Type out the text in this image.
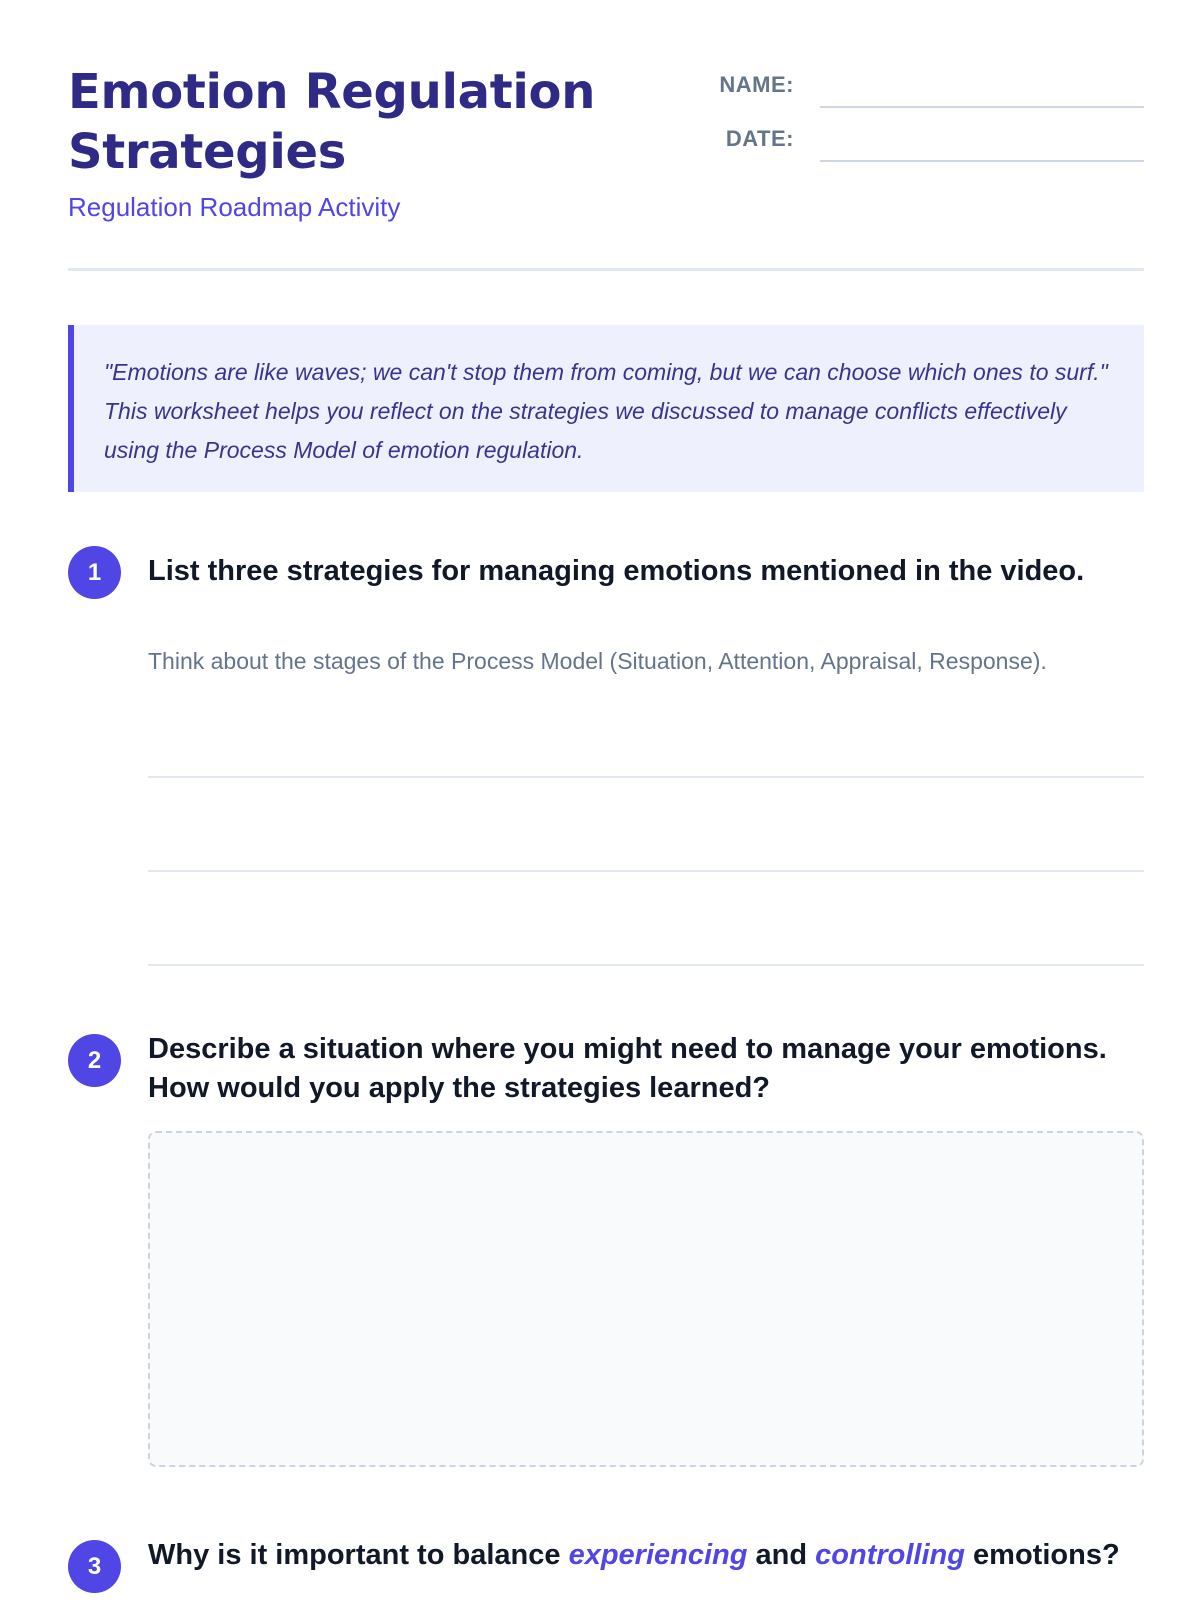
Emotion Regulation Strategies
Regulation Roadmap Activity
NAME:
DATE:
"Emotions are like waves; we can't stop them from coming, but we can choose which ones to surf." This worksheet helps you reflect on the strategies we discussed to manage conflicts effectively using the Process Model of emotion regulation.
1	List three strategies for managing emotions mentioned in the video.
Think about the stages of the Process Model (Situation, Attention, Appraisal, Response).
2	Describe a situation where you might need to manage your emotions. How would you apply the strategies learned?
3	Why is it important to balance experiencing and controlling emotions?
